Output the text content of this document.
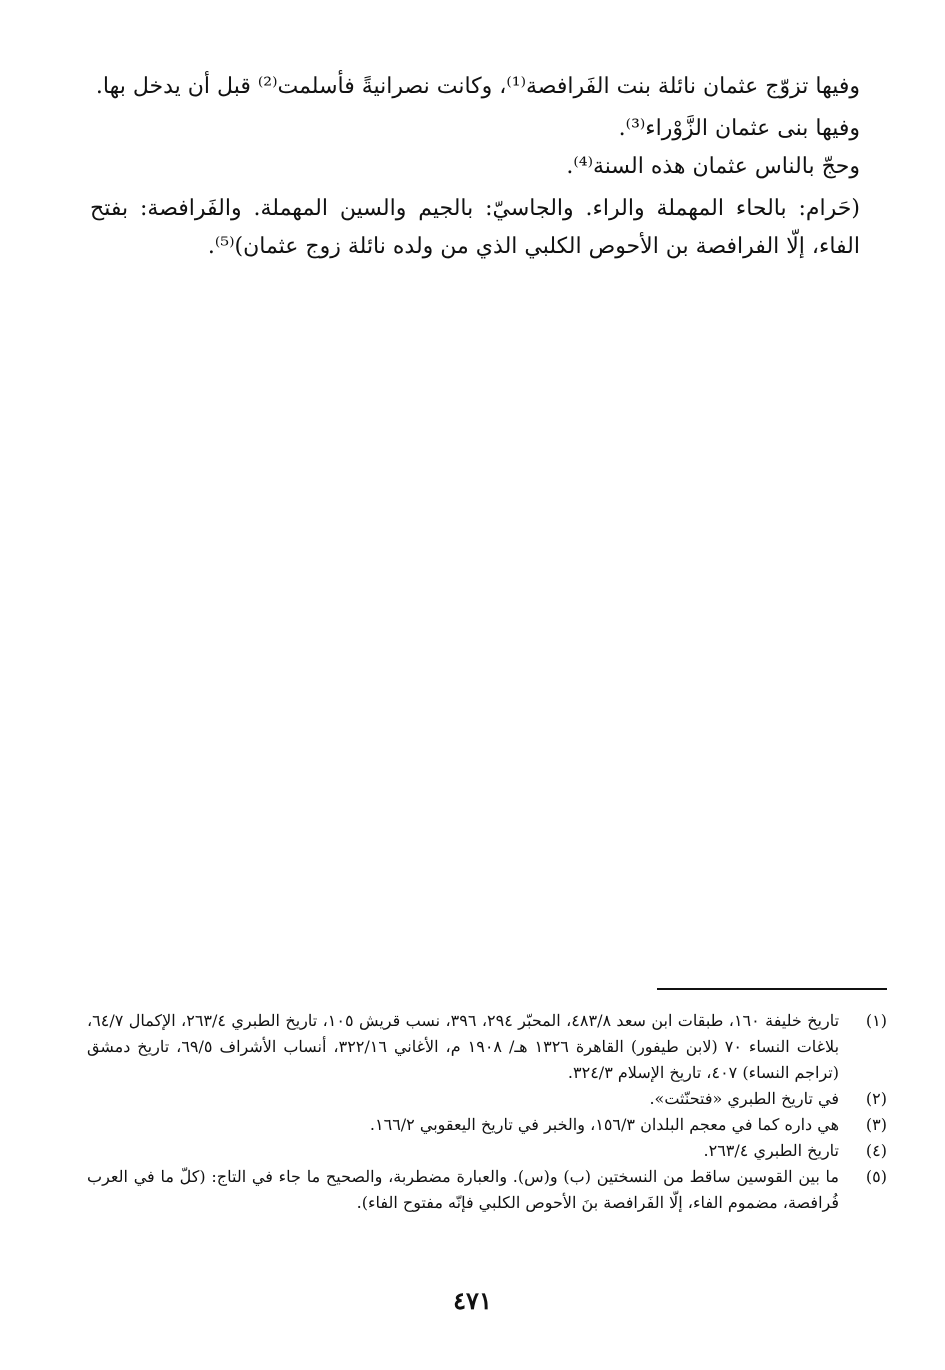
وفيها تزوّج عثمان نائلة بنت الفَرافصة⁽¹⁾، وكانت نصرانيةً فأسلمت⁽²⁾ قبل أن يدخل بها.

وفيها بنى عثمان الزَّوْراء⁽³⁾.

وحجّ بالناس عثمان هذه السنة⁽⁴⁾.

(حَرام: بالحاء المهملة والراء. والجاسيّ: بالجيم والسين المهملة. والفَرافصة: بفتح الفاء، إلّا الفرافصة بن الأحوص الكلبي الذي من ولده نائلة زوج عثمان)⁽⁵⁾.

(١)
تاريخ خليفة ١٦٠، طبقات ابن سعد ٤٨٣/٨، المحبّر ٢٩٤، ٣٩٦، نسب قريش ١٠٥، تاريخ الطبري ٢٦٣/٤، الإكمال ٦٤/٧، بلاغات النساء ٧٠ (لابن طيفور) القاهرة ١٣٢٦ هـ/ ١٩٠٨ م، الأغاني ٣٢٢/١٦، أنساب الأشراف ٦٩/٥، تاريخ دمشق (تراجم النساء) ٤٠٧، تاريخ الإسلام ٣٢٤/٣.
(٢)
في تاريخ الطبري «فتحنّثت».
(٣)
هي داره كما في معجم البلدان ١٥٦/٣، والخبر في تاريخ اليعقوبي ١٦٦/٢.
(٤)
تاريخ الطبري ٢٦٣/٤.
(٥)
ما بين القوسين ساقط من النسختين (ب) و(س). والعبارة مضطربة، والصحيح ما جاء في التاج: (كلّ ما في العرب فُرافصة، مضموم الفاء، إلّا الفَرافصة بنَ الأحوص الكلبي فإنّه مفتوح الفاء).
٤٧١
